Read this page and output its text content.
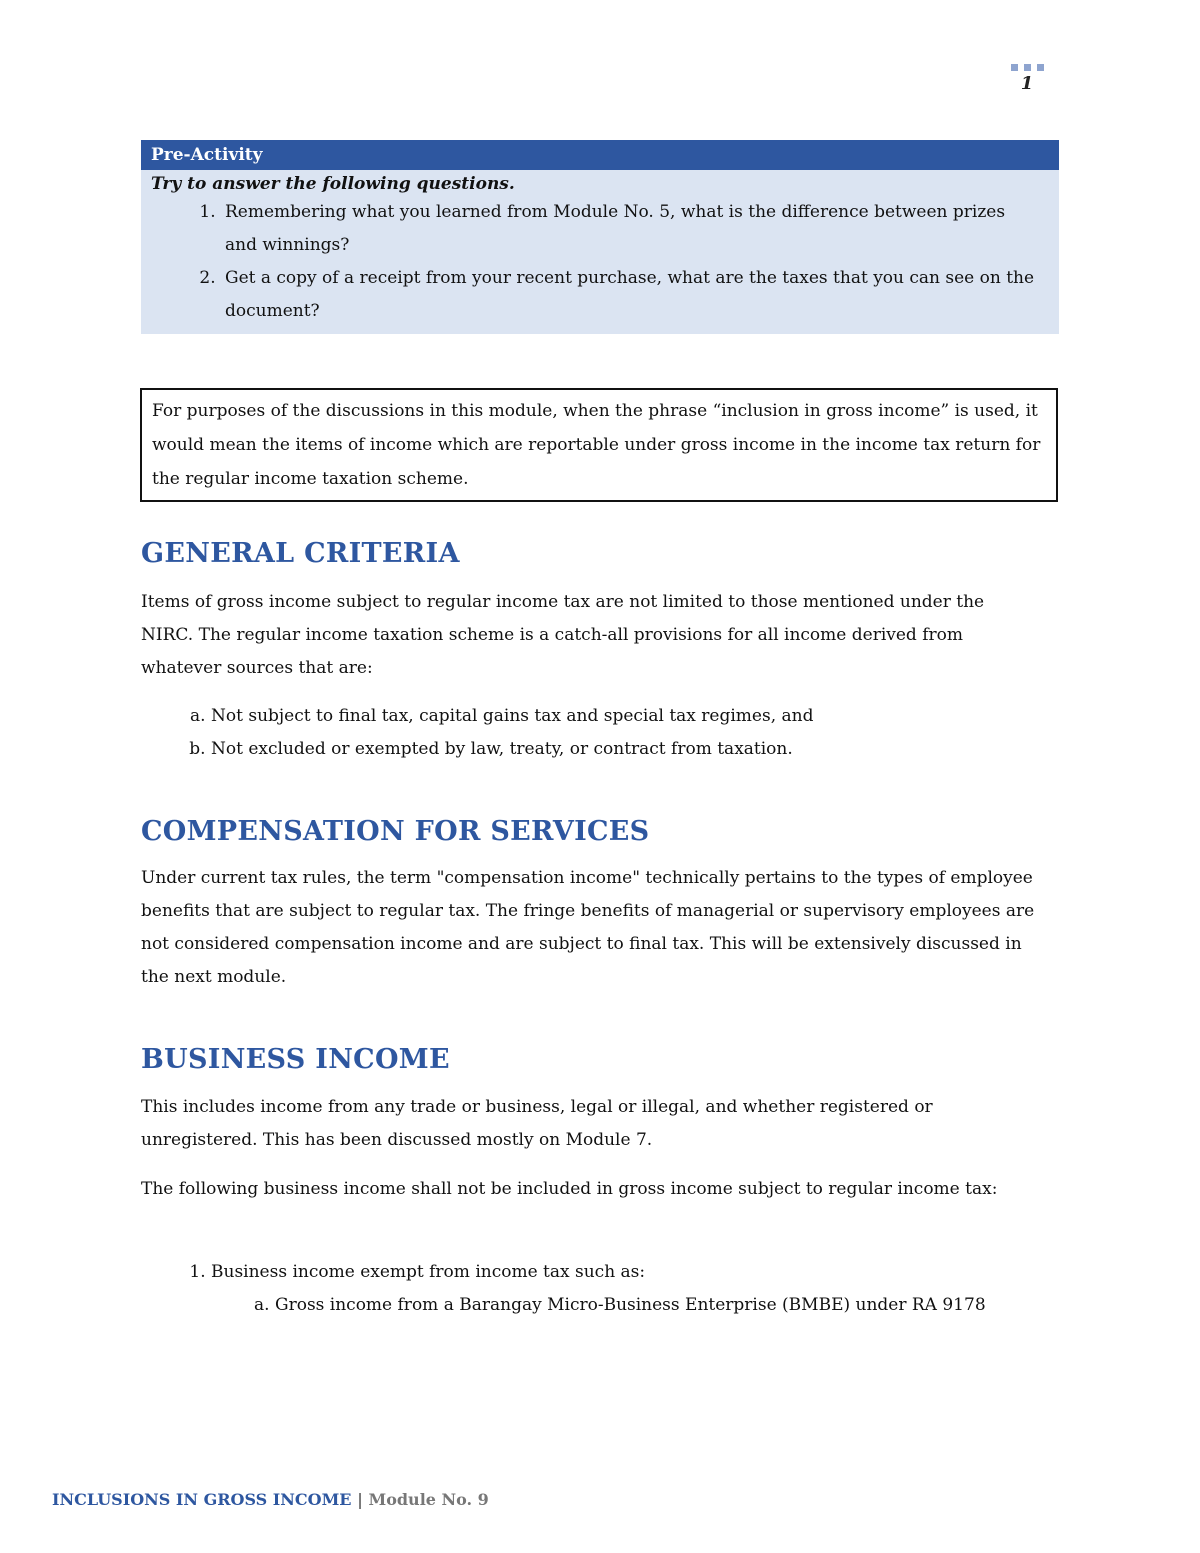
1
Pre-Activity
Try to answer the following questions.
1. Remembering what you learned from Module No. 5, what is the difference between prizes and winnings?
2. Get a copy of a receipt from your recent purchase, what are the taxes that you can see on the document?
For purposes of the discussions in this module, when the phrase “inclusion in gross income” is used, it would mean the items of income which are reportable under gross income in the income tax return for the regular income taxation scheme.
GENERAL CRITERIA

Items of gross income subject to regular income tax are not limited to those mentioned under the NIRC. The regular income taxation scheme is a catch-all provisions for all income derived from whatever sources that are:

a. Not subject to final tax, capital gains tax and special tax regimes, and
b. Not excluded or exempted by law, treaty, or contract from taxation.
COMPENSATION FOR SERVICES

Under current tax rules, the term "compensation income" technically pertains to the types of employee benefits that are subject to regular tax. The fringe benefits of managerial or supervisory employees are not considered compensation income and are subject to final tax. This will be extensively discussed in the next module.

BUSINESS INCOME

This includes income from any trade or business, legal or illegal, and whether registered or unregistered. This has been discussed mostly on Module 7.

The following business income shall not be included in gross income subject to regular income tax:

1. Business income exempt from income tax such as:
a. Gross income from a Barangay Micro-Business Enterprise (BMBE) under RA 9178
INCLUSIONS IN GROSS INCOME | Module No. 9
